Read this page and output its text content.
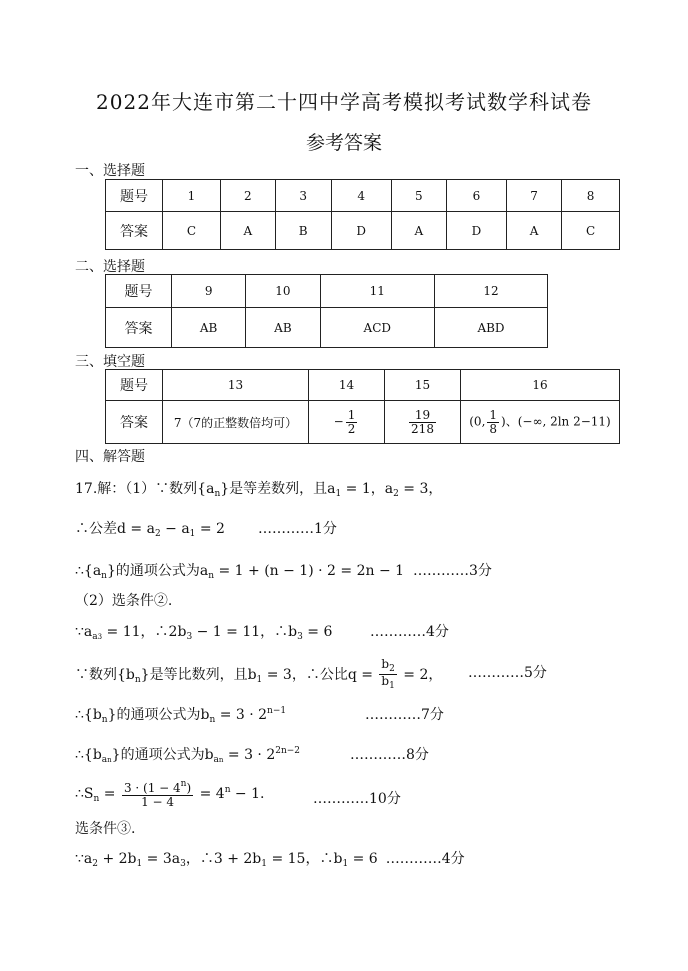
2022年大连市第二十四中学高考模拟考试数学科试卷
参考答案
一、选择题
题号	1	2	3	4	5	6	7	8
答案	C	A	B	D	A	D	A	C
二、选择题
题号	9	10	11	12
答案	AB	AB	ACD	ABD
三、填空题
题号	13	14	15	16
答案	7（7的正整数倍均可）	− $\frac{1}{2}$	$\frac{19}{218}$	(0, $\frac{1}{8}$ )、(−∞, 2ln 2−11)
四、解答题
17.解：（1）∵数列$\{a_n\}$是等差数列，且$a_1 = 1$，$a_2 = 3$，
∴公差$d = a_2 - a_1 = 2$ …………1分
$\therefore\{a_n\}$的通项公式为$a_n = 1 + (n - 1) \cdot 2 = 2n - 1$ …………3分
（2）选条件②.
$\because a_{a3} = 11$，$\therefore 2b_3 - 1 = 11$，$\therefore b_3 = 6$	…………4分
∵数列$\{b_n\}$是等比数列，且$b_1 = 3$，∴公比$q = \frac{b_2}{b_1} = 2$， …………5分
$\therefore\{b_n\}$的通项公式为$b_n = 3 \cdot 2^{n-1}$	…………7分
$\therefore\{b_{an}\}$的通项公式为$b_{an} = 3 \cdot 2^{2n-2}$	…………8分
$\therefore S_n = \frac{3 \cdot (1 - 4^n)}{1 - 4} = 4^n - 1$.	…………10分
选条件③.
$\because a_2 + 2b_1 = 3a_3$，∴3 + $2b_1 = 15$，$\therefore b_1 = 6$ …………4分
